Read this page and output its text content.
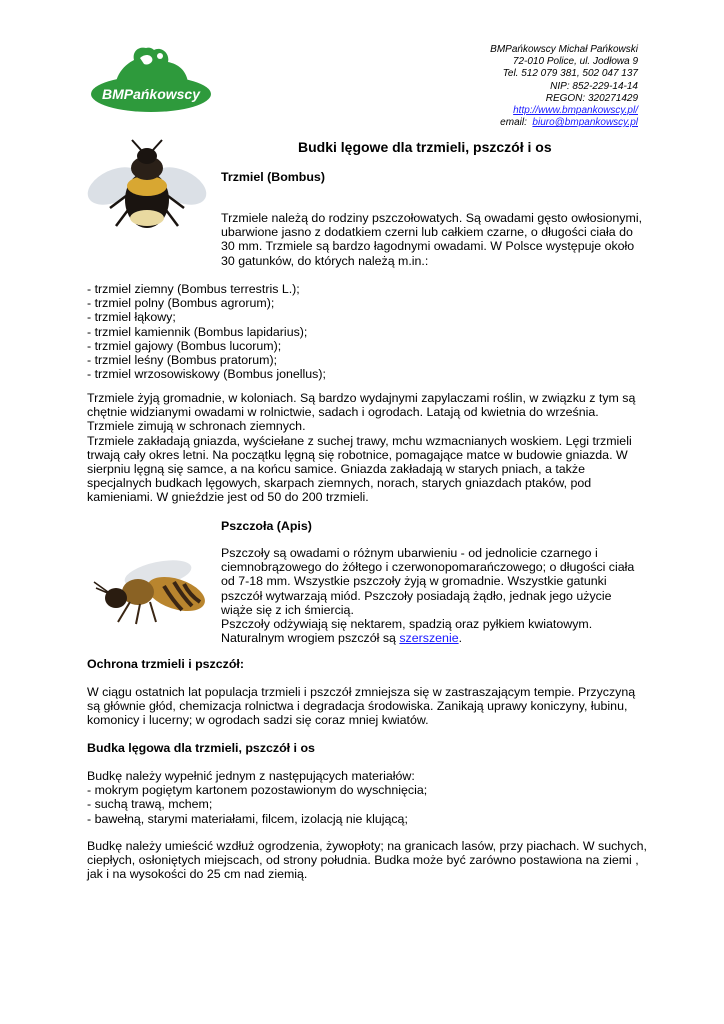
BMPańkowscy
BMPańkowscy Michał Pańkowski
72-010 Police, ul. Jodłowa 9
Tel. 512 079 381, 502 047 137
NIP: 852-229-14-14
REGON: 320271429
http://www.bmpankowscy.pl/
email: biuro@bmpankowscy.pl
Budki lęgowe dla trzmieli, pszczół i os
Trzmiel (Bombus)
Trzmiele należą do rodziny pszczołowatych. Są owadami gęsto owłosionymi,
ubarwione jasno z dodatkiem czerni lub całkiem czarne, o długości ciała do
30 mm. Trzmiele są bardzo łagodnymi owadami. W Polsce występuje około
30 gatunków, do których należą m.in.:
- trzmiel ziemny (Bombus terrestris L.);
- trzmiel polny (Bombus agrorum);
- trzmiel łąkowy;
- trzmiel kamiennik (Bombus lapidarius);
- trzmiel gajowy (Bombus lucorum);
- trzmiel leśny (Bombus pratorum);
- trzmiel wrzosowiskowy (Bombus jonellus);
Trzmiele żyją gromadnie, w koloniach. Są bardzo wydajnymi zapylaczami roślin, w związku z tym są
chętnie widzianymi owadami w rolnictwie, sadach i ogrodach. Latają od kwietnia do września.
Trzmiele zimują w schronach ziemnych.
Trzmiele zakładają gniazda, wyściełane z suchej trawy, mchu wzmacnianych woskiem. Lęgi trzmieli
trwają cały okres letni. Na początku lęgną się robotnice, pomagające matce w budowie gniazda. W
sierpniu lęgną się samce, a na końcu samice. Gniazda zakładają w starych pniach, a także
specjalnych budkach lęgowych, skarpach ziemnych, norach, starych gniazdach ptaków, pod
kamieniami. W gnieździe jest od 50 do 200 trzmieli.
Pszczoła (Apis)
Pszczoły są owadami o różnym ubarwieniu - od jednolicie czarnego i
ciemnobrązowego do żółtego i czerwonopomarańczowego; o długości ciała
od 7-18 mm. Wszystkie pszczoły żyją w gromadnie. Wszystkie gatunki
pszczół wytwarzają miód. Pszczoły posiadają żądło, jednak jego użycie
wiąże się z ich śmiercią.
Pszczoły odżywiają się nektarem, spadzią oraz pyłkiem kwiatowym.
Naturalnym wrogiem pszczół są szerszenie.
Ochrona trzmieli i pszczół:
W ciągu ostatnich lat populacja trzmieli i pszczół zmniejsza się w zastraszającym tempie. Przyczyną
są głównie głód, chemizacja rolnictwa i degradacja środowiska. Zanikają uprawy koniczyny, łubinu,
komonicy i lucerny; w ogrodach sadzi się coraz mniej kwiatów.
Budka lęgowa dla trzmieli, pszczół i os
Budkę należy wypełnić jednym z następujących materiałów:
- mokrym pogiętym kartonem pozostawionym do wyschnięcia;
- suchą trawą, mchem;
- bawełną, starymi materiałami, filcem, izolacją nie klującą;
Budkę należy umieścić wzdłuż ogrodzenia, żywopłoty; na granicach lasów, przy piachach. W suchych,
ciepłych, osłoniętych miejscach, od strony południa. Budka może być zarówno postawiona na ziemi ,
jak i na wysokości do 25 cm nad ziemią.
